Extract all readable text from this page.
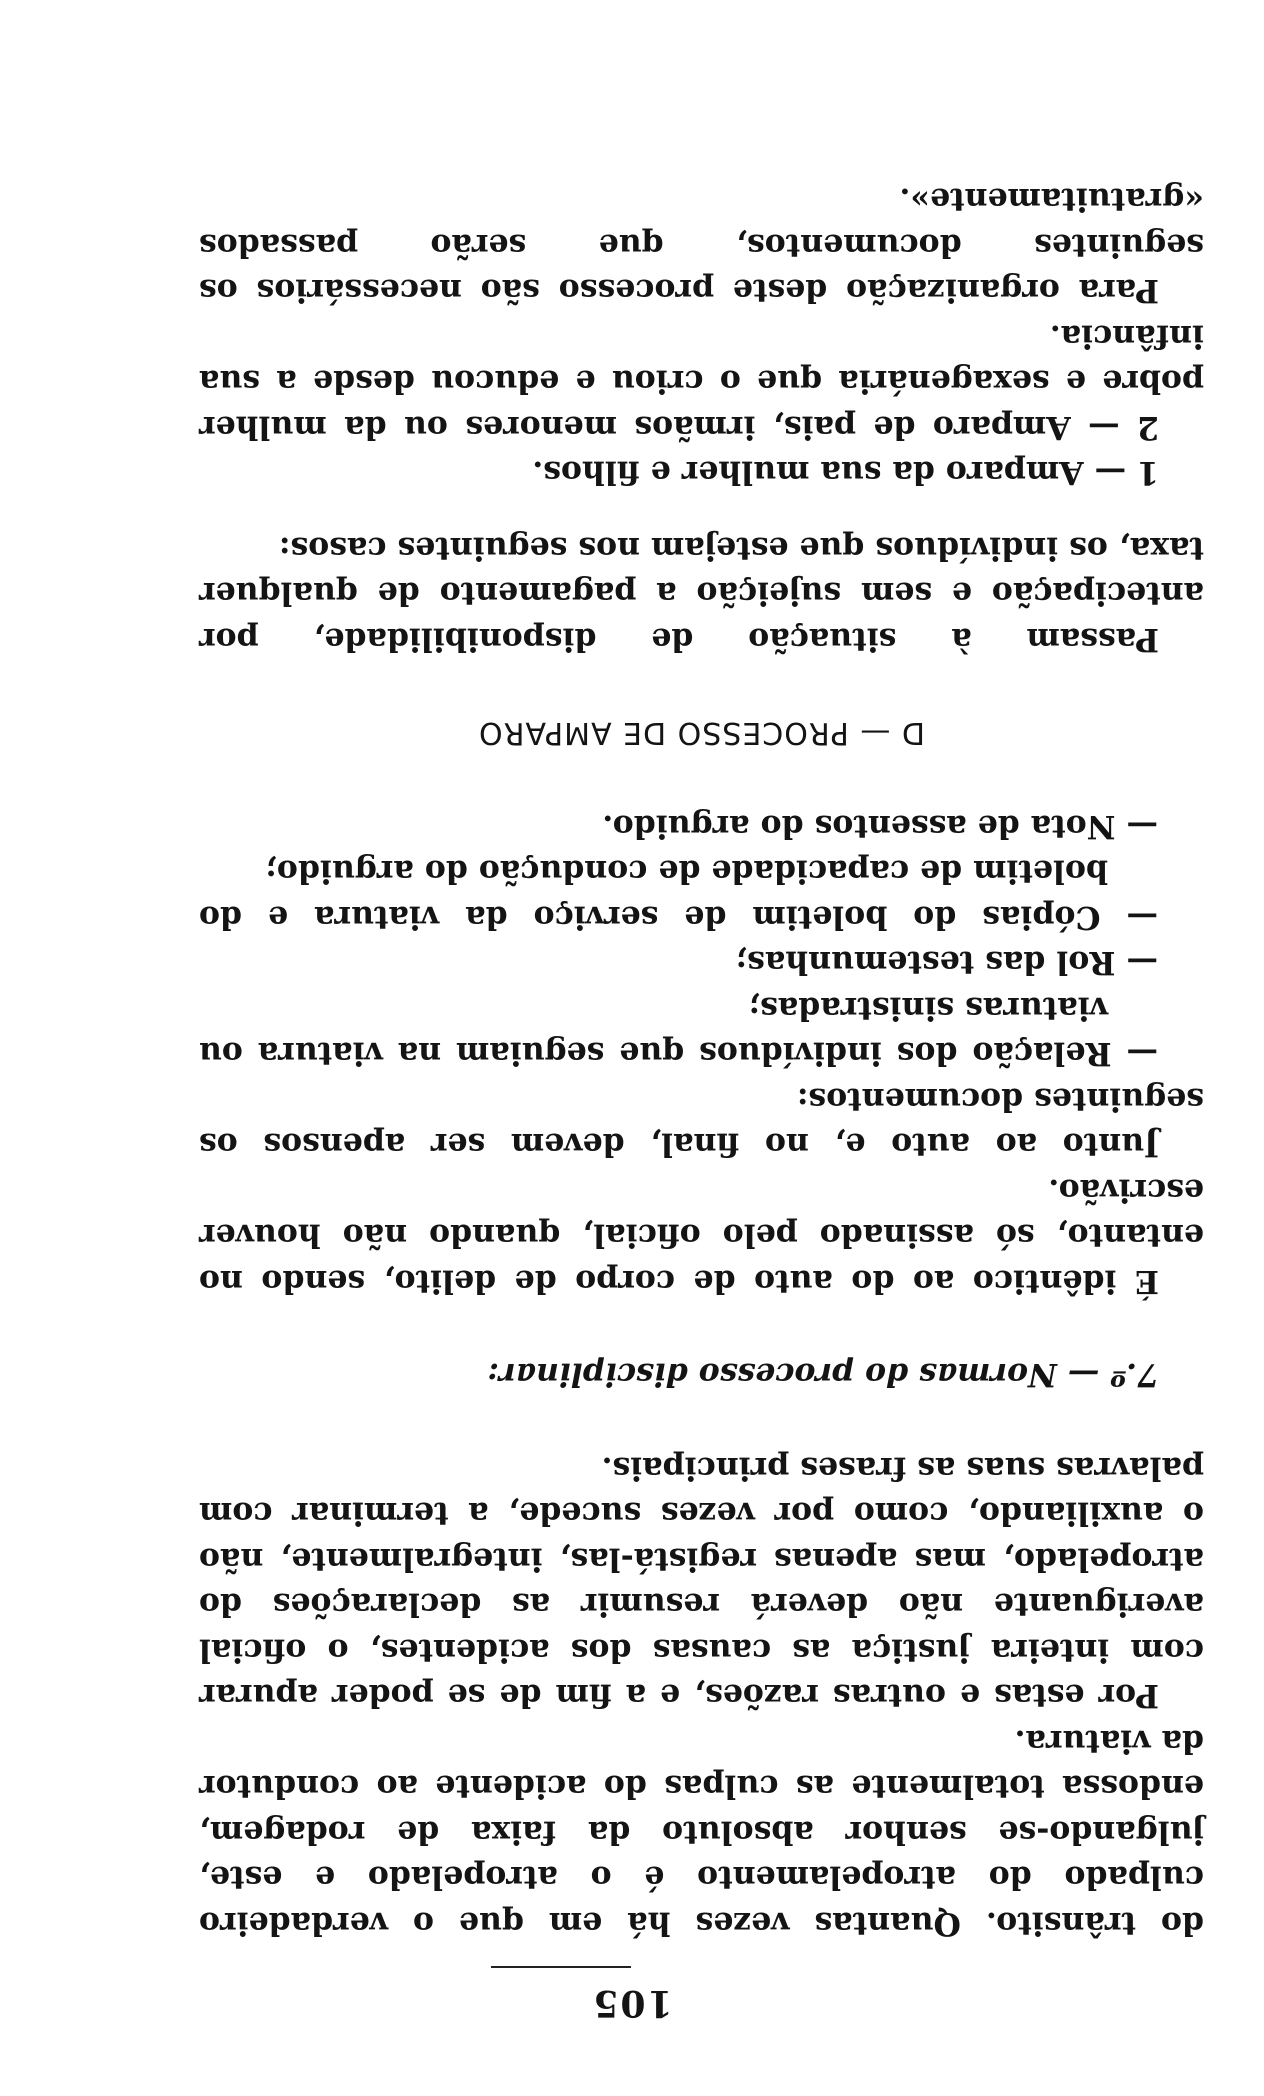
105

do trânsito. Quantas vezes há em que o verdadeiro culpado do atropelamento é o atropelado e este, julgando-se senhor absoluto da faixa de rodagem, endossa totalmente as culpas do acidente ao condutor da viatura.

Por estas e outras razões, e a fim de se poder apurar com inteira justiça as causas dos acidentes, o oficial averiguante não deverá resumir as declarações do atropelado, mas apenas registá-las, integralmente, não o auxiliando, como por vezes sucede, a terminar com palavras suas as frases principais.

7.º — Normas do processo disciplinar:

É idêntico ao do auto de corpo de delito, sendo no entanto, só assinado pelo oficial, quando não houver escrivão.

Junto ao auto e, no final, devem ser apensos os seguintes documentos:

— Relação dos indivíduos que seguiam na viatura ou viaturas sinistradas;

— Rol das testemunhas;

— Cópias do boletim de serviço da viatura e do boletim de capacidade de condução do arguido;

— Nota de assentos do arguido.

D — PROCESSO DE AMPARO

Passam à situação de disponibilidade, por antecipação e sem sujeição a pagamento de qualquer taxa, os indivíduos que estejam nos seguintes casos:

1 — Amparo da sua mulher e filhos.

2 — Amparo de pais, irmãos menores ou da mulher pobre e sexagenária que o criou e educou desde a sua infância.

Para organização deste processo são necessários os seguintes documentos, que serão passados «gratuitamente».
